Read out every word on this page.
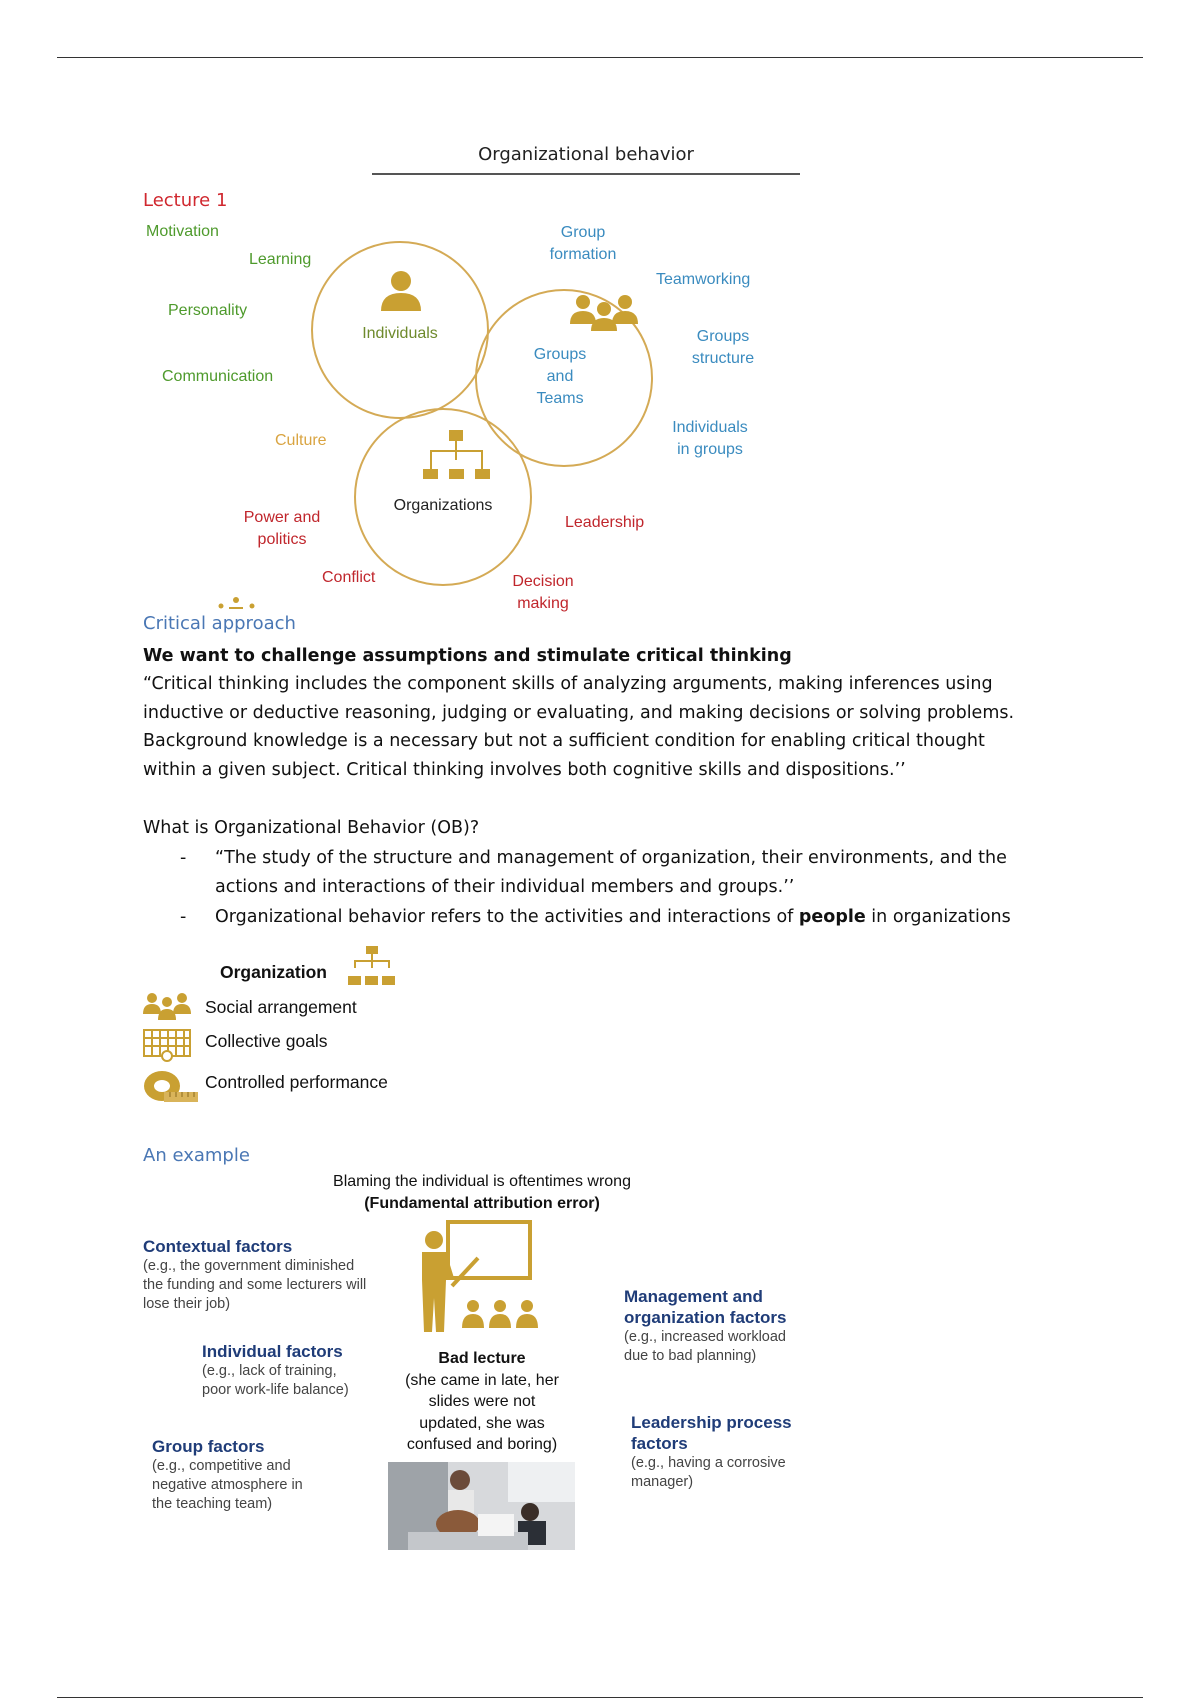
Organizational behavior
Lecture 1
Individuals
Groups
and
Teams
Organizations
Motivation
Learning
Personality
Communication
Group
formation
Teamworking
Groups
structure
Individuals
in groups
Culture
Power and
politics
Conflict
Leadership
Decision
making
Critical approach
We want to challenge assumptions and stimulate critical thinking
“Critical thinking includes the component skills of analyzing arguments, making inferences using
inductive or deductive reasoning, judging or evaluating, and making decisions or solving problems.
Background knowledge is a necessary but not a sufficient condition for enabling critical thought
within a given subject. Critical thinking involves both cognitive skills and dispositions.’’
What is Organizational Behavior (OB)?
- “The study of the structure and management of organization, their environments, and the
actions and interactions of their individual members and groups.’’
- Organizational behavior refers to the activities and interactions of people in organizations
Organization
Social arrangement
Collective goals
Controlled performance
An example
Blaming the individual is oftentimes wrong
(Fundamental attribution error)
Contextual factors
(e.g., the government diminished
the funding and some lecturers will
lose their job)
Individual factors
(e.g., lack of training,
poor work-life balance)
Group factors
(e.g., competitive and
negative atmosphere in
the teaching team)
Management and
organization factors
(e.g., increased workload
due to bad planning)
Leadership process
factors
(e.g., having a corrosive
manager)
Bad lecture
(she came in late, her
slides were not
updated, she was
confused and boring)
